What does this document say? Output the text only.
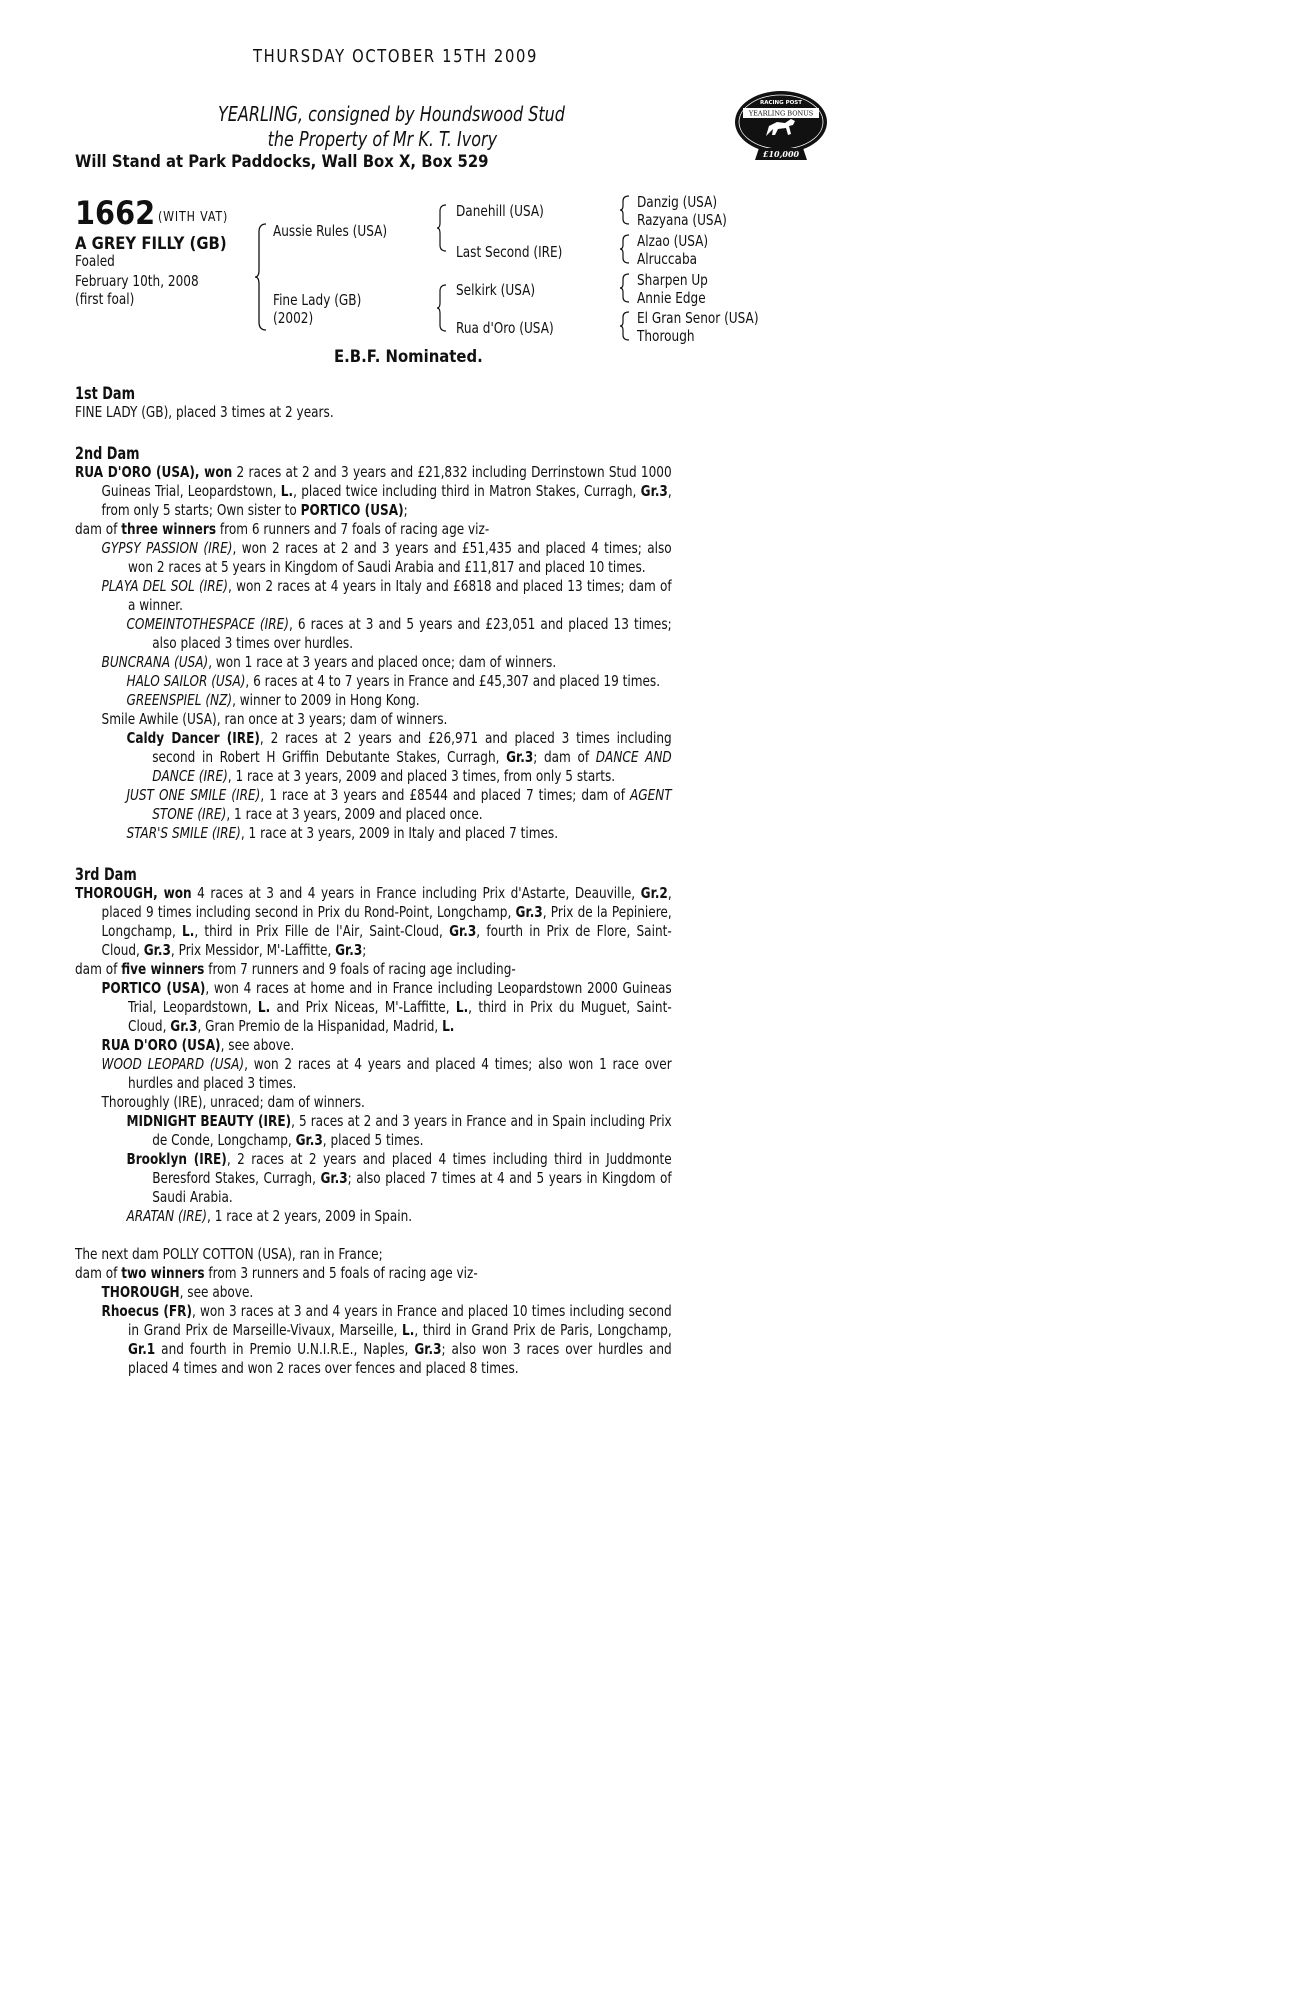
THURSDAY OCTOBER 15TH 2009
YEARLING, consigned by Houndswood Stud
the Property of Mr K. T. Ivory
Will Stand at Park Paddocks, Wall Box X, Box 529
RACING POST
YEARLING BONUS
£10,000
1662 (WITH VAT)
A GREY FILLY (GB)
Foaled
February 10th, 2008
(first foal)
Aussie Rules (USA)
Fine Lady (GB)
(2002)
Danehill (USA)
Last Second (IRE)
Selkirk (USA)
Rua d'Oro (USA)
Danzig (USA)
Razyana (USA)
Alzao (USA)
Alruccaba
Sharpen Up
Annie Edge
El Gran Senor (USA)
Thorough
E.B.F. Nominated.

1st Dam

FINE LADY (GB), placed 3 times at 2 years.

2nd Dam

RUA D'ORO (USA), won 2 races at 2 and 3 years and £21,832 including Derrinstown Stud 1000 Guineas Trial, Leopardstown, L., placed twice including third in Matron Stakes, Curragh, Gr.3, from only 5 starts; Own sister to PORTICO (USA);

dam of three winners from 6 runners and 7 foals of racing age viz-

GYPSY PASSION (IRE), won 2 races at 2 and 3 years and £51,435 and placed 4 times; also won 2 races at 5 years in Kingdom of Saudi Arabia and £11,817 and placed 10 times.

PLAYA DEL SOL (IRE), won 2 races at 4 years in Italy and £6818 and placed 13 times; dam of a winner.

COMEINTOTHESPACE (IRE), 6 races at 3 and 5 years and £23,051 and placed 13 times; also placed 3 times over hurdles.

BUNCRANA (USA), won 1 race at 3 years and placed once; dam of winners.

HALO SAILOR (USA), 6 races at 4 to 7 years in France and £45,307 and placed 19 times.

GREENSPIEL (NZ), winner to 2009 in Hong Kong.

Smile Awhile (USA), ran once at 3 years; dam of winners.

Caldy Dancer (IRE), 2 races at 2 years and £26,971 and placed 3 times including second in Robert H Griffin Debutante Stakes, Curragh, Gr.3; dam of DANCE AND DANCE (IRE), 1 race at 3 years, 2009 and placed 3 times, from only 5 starts.

JUST ONE SMILE (IRE), 1 race at 3 years and £8544 and placed 7 times; dam of AGENT STONE (IRE), 1 race at 3 years, 2009 and placed once.

STAR'S SMILE (IRE), 1 race at 3 years, 2009 in Italy and placed 7 times.

3rd Dam

THOROUGH, won 4 races at 3 and 4 years in France including Prix d'Astarte, Deauville, Gr.2, placed 9 times including second in Prix du Rond-Point, Longchamp, Gr.3, Prix de la Pepiniere, Longchamp, L., third in Prix Fille de l'Air, Saint-Cloud, Gr.3, fourth in Prix de Flore, Saint-Cloud, Gr.3, Prix Messidor, M'-Laffitte, Gr.3;

dam of five winners from 7 runners and 9 foals of racing age including-

PORTICO (USA), won 4 races at home and in France including Leopardstown 2000 Guineas Trial, Leopardstown, L. and Prix Niceas, M'-Laffitte, L., third in Prix du Muguet, Saint-Cloud, Gr.3, Gran Premio de la Hispanidad, Madrid, L.

RUA D'ORO (USA), see above.

WOOD LEOPARD (USA), won 2 races at 4 years and placed 4 times; also won 1 race over hurdles and placed 3 times.

Thoroughly (IRE), unraced; dam of winners.

MIDNIGHT BEAUTY (IRE), 5 races at 2 and 3 years in France and in Spain including Prix de Conde, Longchamp, Gr.3, placed 5 times.

Brooklyn (IRE), 2 races at 2 years and placed 4 times including third in Juddmonte Beresford Stakes, Curragh, Gr.3; also placed 7 times at 4 and 5 years in Kingdom of Saudi Arabia.

ARATAN (IRE), 1 race at 2 years, 2009 in Spain.

The next dam POLLY COTTON (USA), ran in France;

dam of two winners from 3 runners and 5 foals of racing age viz-

THOROUGH, see above.

Rhoecus (FR), won 3 races at 3 and 4 years in France and placed 10 times including second in Grand Prix de Marseille-Vivaux, Marseille, L., third in Grand Prix de Paris, Longchamp, Gr.1 and fourth in Premio U.N.I.R.E., Naples, Gr.3; also won 3 races over hurdles and placed 4 times and won 2 races over fences and placed 8 times.
